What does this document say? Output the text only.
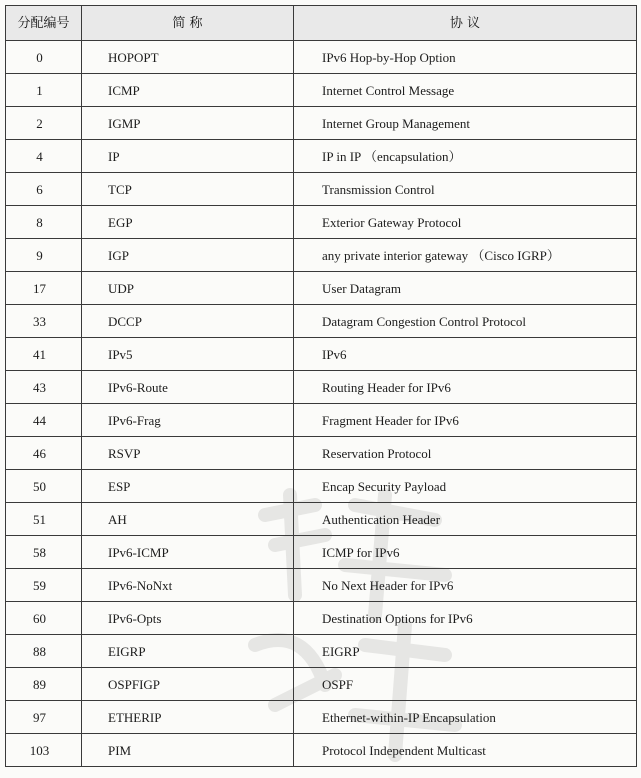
分配编号	简 称	协 议
0	HOPOPT	IPv6 Hop-by-Hop Option
1	ICMP	Internet Control Message
2	IGMP	Internet Group Management
4	IP	IP in IP （encapsulation）
6	TCP	Transmission Control
8	EGP	Exterior Gateway Protocol
9	IGP	any private interior gateway （Cisco IGRP）
17	UDP	User Datagram
33	DCCP	Datagram Congestion Control Protocol
41	IPv5	IPv6
43	IPv6-Route	Routing Header for IPv6
44	IPv6-Frag	Fragment Header for IPv6
46	RSVP	Reservation Protocol
50	ESP	Encap Security Payload
51	AH	Authentication Header
58	IPv6-ICMP	ICMP for IPv6
59	IPv6-NoNxt	No Next Header for IPv6
60	IPv6-Opts	Destination Options for IPv6
88	EIGRP	EIGRP
89	OSPFIGP	OSPF
97	ETHERIP	Ethernet-within-IP Encapsulation
103	PIM	Protocol Independent Multicast
